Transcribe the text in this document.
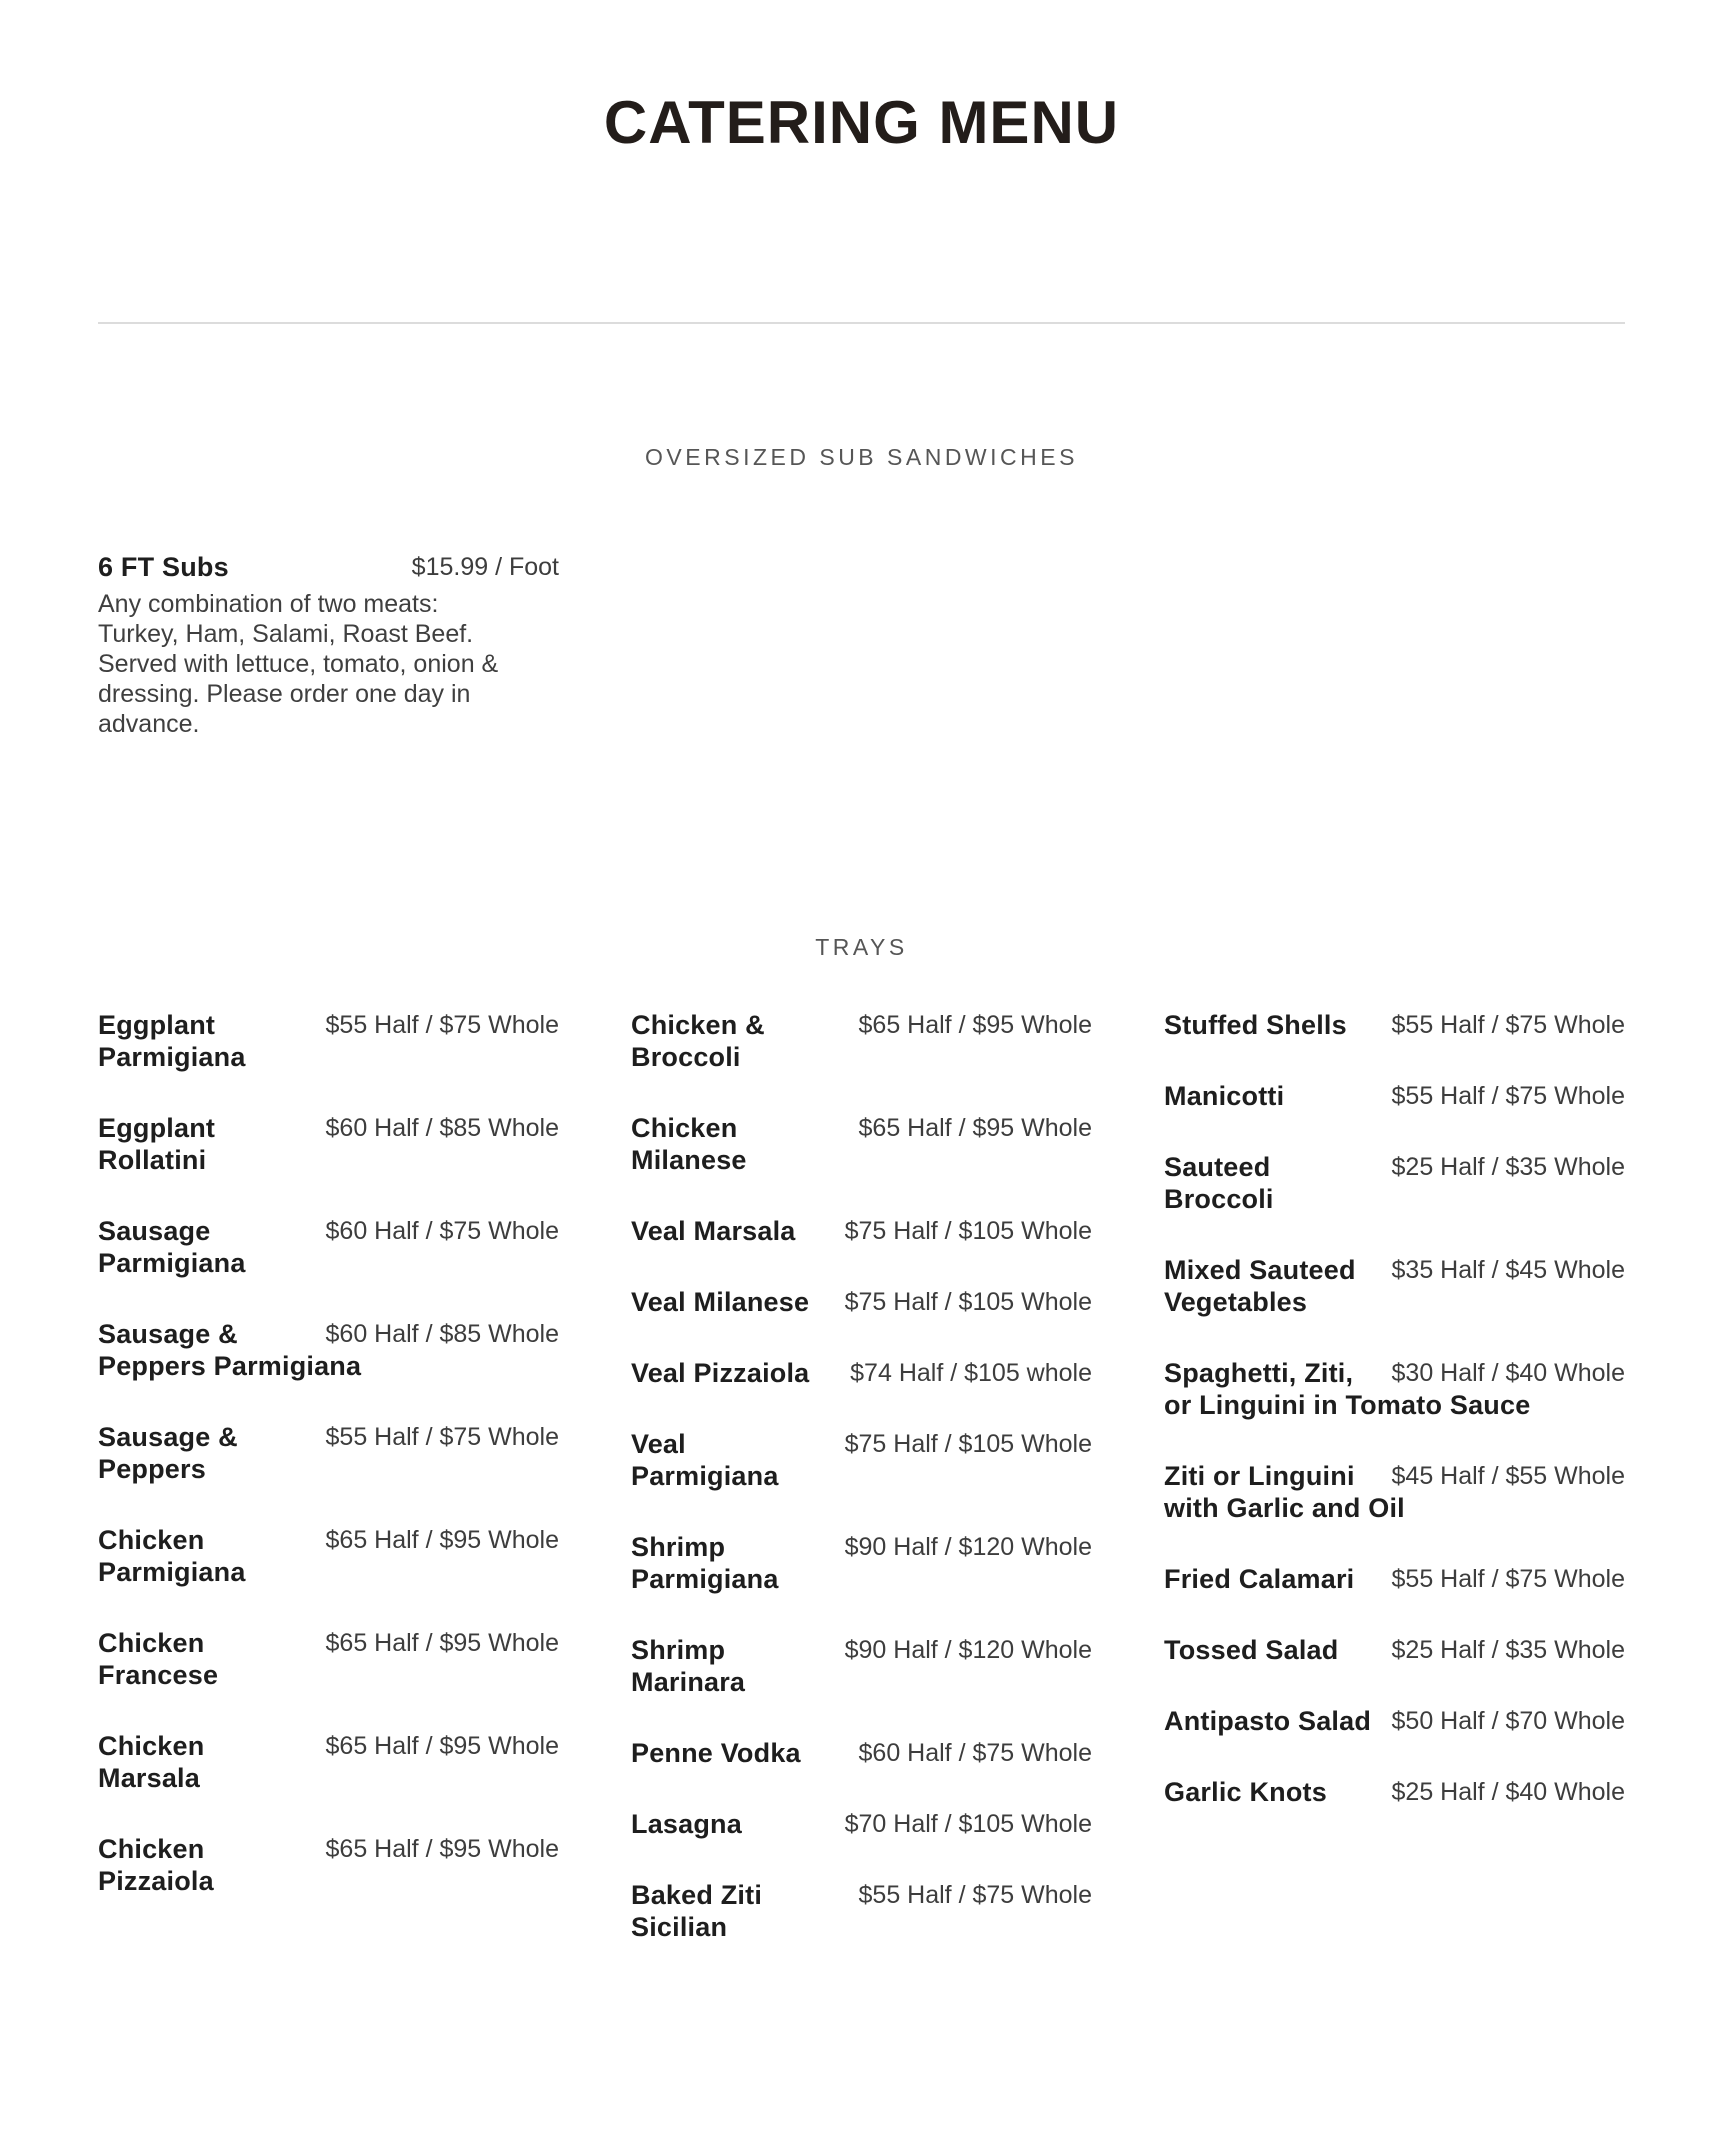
CATERING MENU
OVERSIZED SUB SANDWICHES
$15.99 / Foot
6 FT Subs
Any combination of two meats: Turkey, Ham, Salami, Roast Beef. Served with lettuce, tomato, onion & dressing. Please order one day in advance.
TRAYS
$55 Half / $75 Whole
Eggplant Parmigiana
$60 Half / $85 Whole
Eggplant Rollatini
$60 Half / $75 Whole
Sausage Parmigiana
$60 Half / $85 Whole
Sausage & Peppers Parmigiana
$55 Half / $75 Whole
Sausage & Peppers
$65 Half / $95 Whole
Chicken Parmigiana
$65 Half / $95 Whole
Chicken Francese
$65 Half / $95 Whole
Chicken Marsala
$65 Half / $95 Whole
Chicken Pizzaiola
$65 Half / $95 Whole
Chicken & Broccoli
$65 Half / $95 Whole
Chicken Milanese
$75 Half / $105 Whole
Veal Marsala
$75 Half / $105 Whole
Veal Milanese
$74 Half / $105 whole
Veal Pizzaiola
$75 Half / $105 Whole
Veal Parmigiana
$90 Half / $120 Whole
Shrimp Parmigiana
$90 Half / $120 Whole
Shrimp Marinara
$60 Half / $75 Whole
Penne Vodka
$70 Half / $105 Whole
Lasagna
$55 Half / $75 Whole
Baked Ziti Sicilian
$55 Half / $75 Whole
Stuffed Shells
$55 Half / $75 Whole
Manicotti
$25 Half / $35 Whole
Sauteed Broccoli
$35 Half / $45 Whole
Mixed Sauteed Vegetables
$30 Half / $40 Whole
Spaghetti, Ziti, or Linguini in Tomato Sauce
$45 Half / $55 Whole
Ziti or Linguini with Garlic and Oil
$55 Half / $75 Whole
Fried Calamari
$25 Half / $35 Whole
Tossed Salad
$50 Half / $70 Whole
Antipasto Salad
$25 Half / $40 Whole
Garlic Knots
